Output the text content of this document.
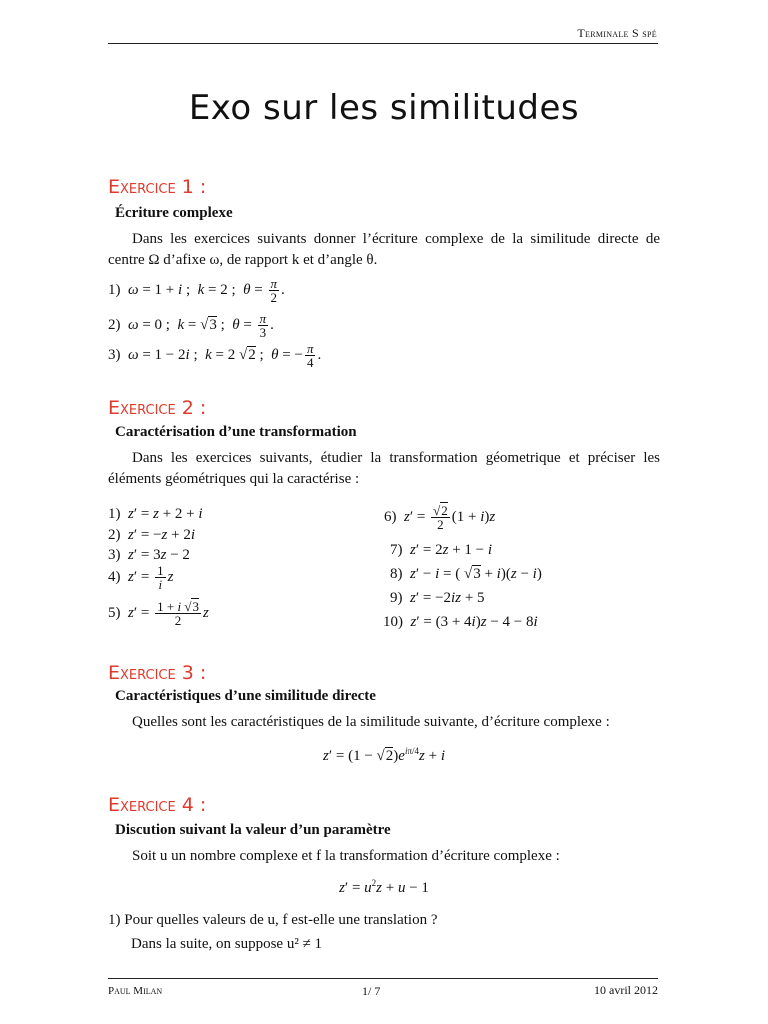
Terminale S spé
Exo sur les similitudes
Exercice 1 :
Écriture complexe
Dans les exercices suivants donner l’écriture complexe de la similitude directe de centre Ω d’afixe ω, de rapport k et d’angle θ.
1)  ω = 1 + i ;  k = 2 ;  $\theta = \frac{\pi}{2}$ .
2)  ω = 0 ;  k = √3 ;  $\theta = \frac{\pi}{3}$ .
3)  ω = 1 − 2i ;  k = 2 √2 ;  θ = − $\frac{\pi}{4}$ .
Exercice 2 :
Caractérisation d’une transformation
Dans les exercices suivants, étudier la transformation géometrique et préciser les éléments géométriques qui la caractérise :
1)  z′ = z + 2 + i
2)  z′ = −z + 2i
3)  z′ = 3z − 2
4)  $z' = \frac{1}{i}$ z
5)  $z' = \frac{1 + i √3}{2}$ z
6)  $z' = \frac{√2}{2} (1 + i)z$
7)  z′ = 2z + 1 − i
8)  z′ − i = ( √3 + i)(z − i)
9)  z′ = −2iz + 5
10)  z′ = (3 + 4i)z − 4 − 8i
Exercice 3 :
Caractéristiques d’une similitude directe
Quelles sont les caractéristiques de la similitude suivante, d’écriture complexe :
$z' = (1 - √2)e^{i\pi/4}z + i$
Exercice 4 :
Discution suivant la valeur d’un paramètre
Soit u un nombre complexe et f la transformation d’écriture complexe :
$z' = u^2z + u - 1$
1) Pour quelles valeurs de u, f est-elle une translation ?
Dans la suite, on suppose u² ≠ 1
Paul Milan	1/ 7	10 avril 2012
